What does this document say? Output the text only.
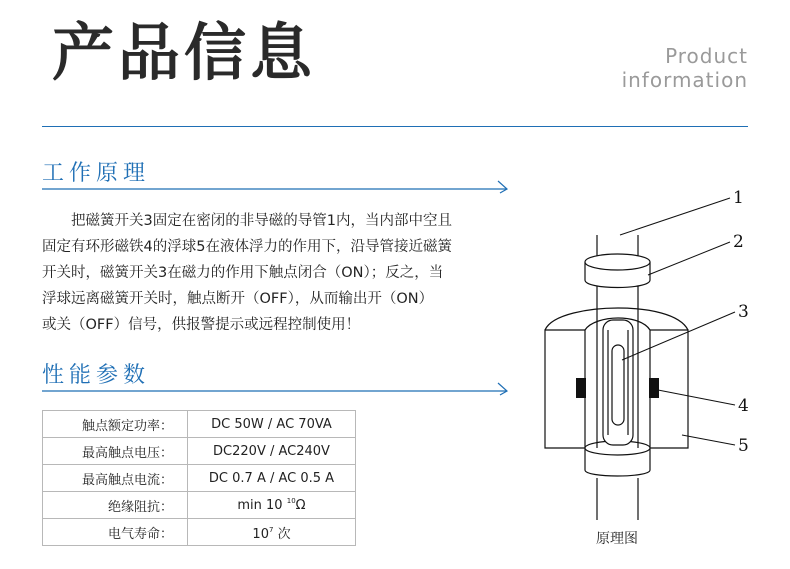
产品信息	Product
information
工作原理
把磁簧开关3固定在密闭的非导磁的导管1内，当内部中空且
固定有环形磁铁4的浮球5在液体浮力的作用下，沿导管接近磁簧
开关时，磁簧开关3在磁力的作用下触点闭合（ON）；反之，当
浮球远离磁簧开关时，触点断开（OFF），从而输出开（ON）
或关（OFF）信号，供报警提示或远程控制使用！
性能参数
触点额定功率：	DC 50W / AC 70VA
最高触点电压：	DC220V / AC240V
最高触点电流：	DC 0.7 A / AC 0.5 A
绝缘阻抗：	min 10 $^{10}$Ω
电气寿命：	$10^7$ 次
1
2
3
4
5
原理图
